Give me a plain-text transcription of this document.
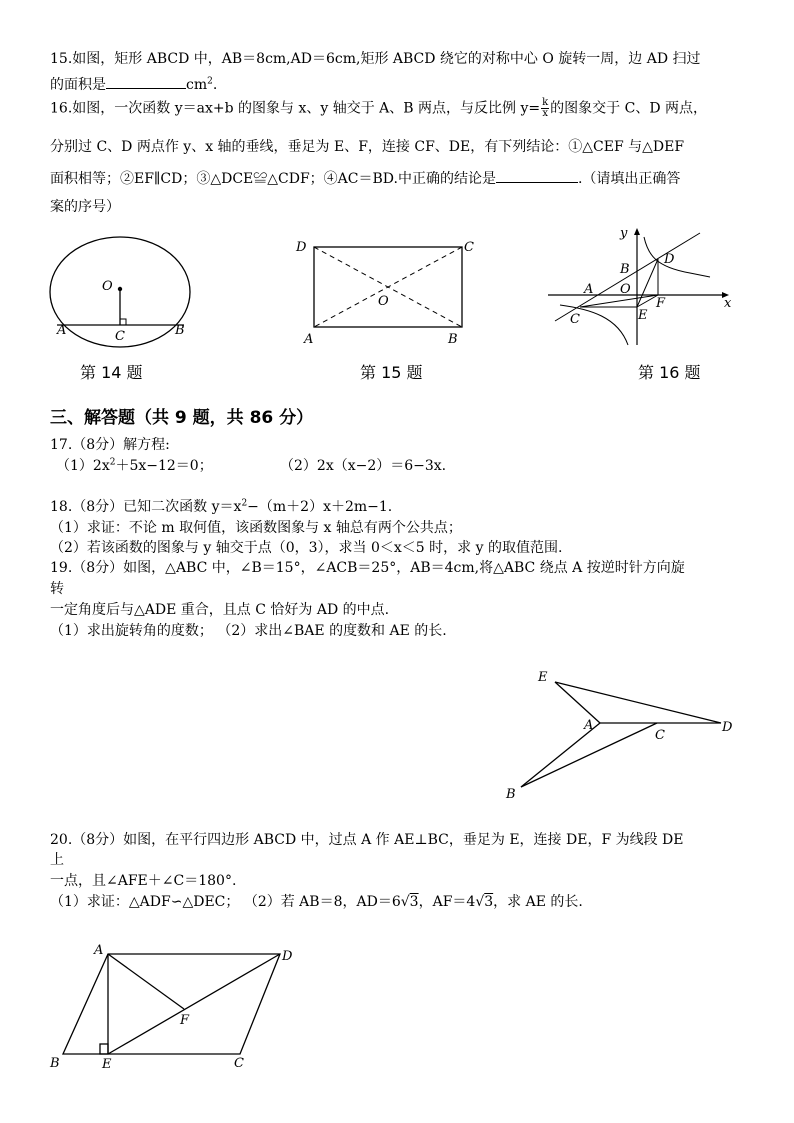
15.如图，矩形 ABCD 中，AB＝8cm,AD＝6cm,矩形 ABCD 绕它的对称中心 O 旋转一周，边 AD 扫过
的面积是	$cm^2$.
16.如图，一次函数 y＝ax+b 的图象与 x、y 轴交于 A、B 两点，与反比例 $y= \frac{k}{x}$ 的图象交于 C、D 两点，
分别过 C、D 两点作 y、x 轴的垂线，垂足为 E、F，连接 CF、DE，有下列结论：①△CEF 与△DEF
面积相等；②EF∥CD；③△DCE≌△CDF；④AC＝BD.中正确的结论是	.（请填出正确答
案的序号）
O
A	C	B
第 14 题
D	C
A	B
O
第 15 题
x
y
A
B
C
D
E
F
O
第 16 题
三、解答题（共 9 题，共 86 分）
17.（8分）解方程:
$(1)2x^2+5x-12=0$；	（2）2x（x−2）＝6−3x.
18.（8分）已知二次函数 $y=x^2-(m+2)x+2m-1$.
（1）求证：不论 m 取何值，该函数图象与 x 轴总有两个公共点；
（2）若该函数的图象与 y 轴交于点（0，3），求当 0＜x＜5 时，求 y 的取值范围.
19.（8分）如图，△ABC 中，∠B＝15°，∠ACB＝25°，AB＝4cm,将△ABC 绕点 A 按逆时针方向旋
转
一定角度后与△ADE 重合，且点 C 恰好为 AD 的中点.
（1）求出旋转角的度数； （2）求出∠BAE 的度数和 AE 的长.
E
A
C
D
B
20.（8分）如图，在平行四边形 ABCD 中，过点 A 作 AE⊥BC，垂足为 E，连接 DE，F 为线段 DE
上
一点，且∠AFE＋∠C＝180°.
（1）求证：△ADF∽△DEC； （2）若 AB＝8，AD＝6√3，AF＝4√3，求 AE 的长.
A	D
F
B	E	C
